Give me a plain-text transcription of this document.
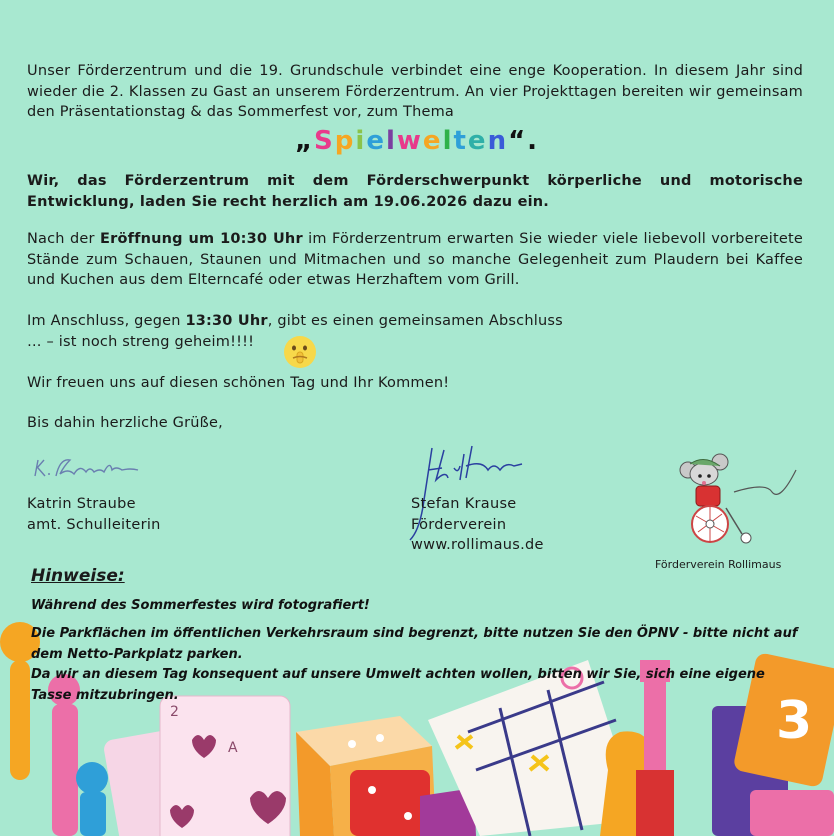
Unser Förderzentrum und die 19. Grundschule verbindet eine enge Kooperation. In diesem Jahr sind wieder die 2. Klassen zu Gast an unserem Förderzentrum. An vier Projekttagen bereiten wir gemeinsam den Präsentationstag & das Sommerfest vor, zum Thema

„Spielwelten“.

Wir, das Förderzentrum mit dem Förderschwerpunkt körperliche und motorische Entwicklung, laden Sie recht herzlich am 19.06.2026 dazu ein.

Nach der Eröffnung um 10:30 Uhr im Förderzentrum erwarten Sie wieder viele liebevoll vorbereitete Stände zum Schauen, Staunen und Mitmachen und so manche Gelegenheit zum Plaudern bei Kaffee und Kuchen aus dem Elterncafé oder etwas Herzhaftem vom Grill.

Im Anschluss, gegen 13:30 Uhr, gibt es einen gemeinsamen Abschluss
… – ist noch streng geheim!!!!

Wir freuen uns auf diesen schönen Tag und Ihr Kommen!

Bis dahin herzliche Grüße,

Katrin Straube
amt. Schulleiterin
Stefan Krause
Förderverein
www.rollimaus.de
Förderverein Rollimaus
2
A	3
Hinweise:

Während des Sommerfestes wird fotografiert!

Die Parkflächen im öffentlichen Verkehrsraum sind begrenzt, bitte nutzen Sie den ÖPNV - bitte nicht auf dem Netto-Parkplatz parken.

Da wir an diesem Tag konsequent auf unsere Umwelt achten wollen, bitten wir Sie, sich eine eigene Tasse mitzubringen.
